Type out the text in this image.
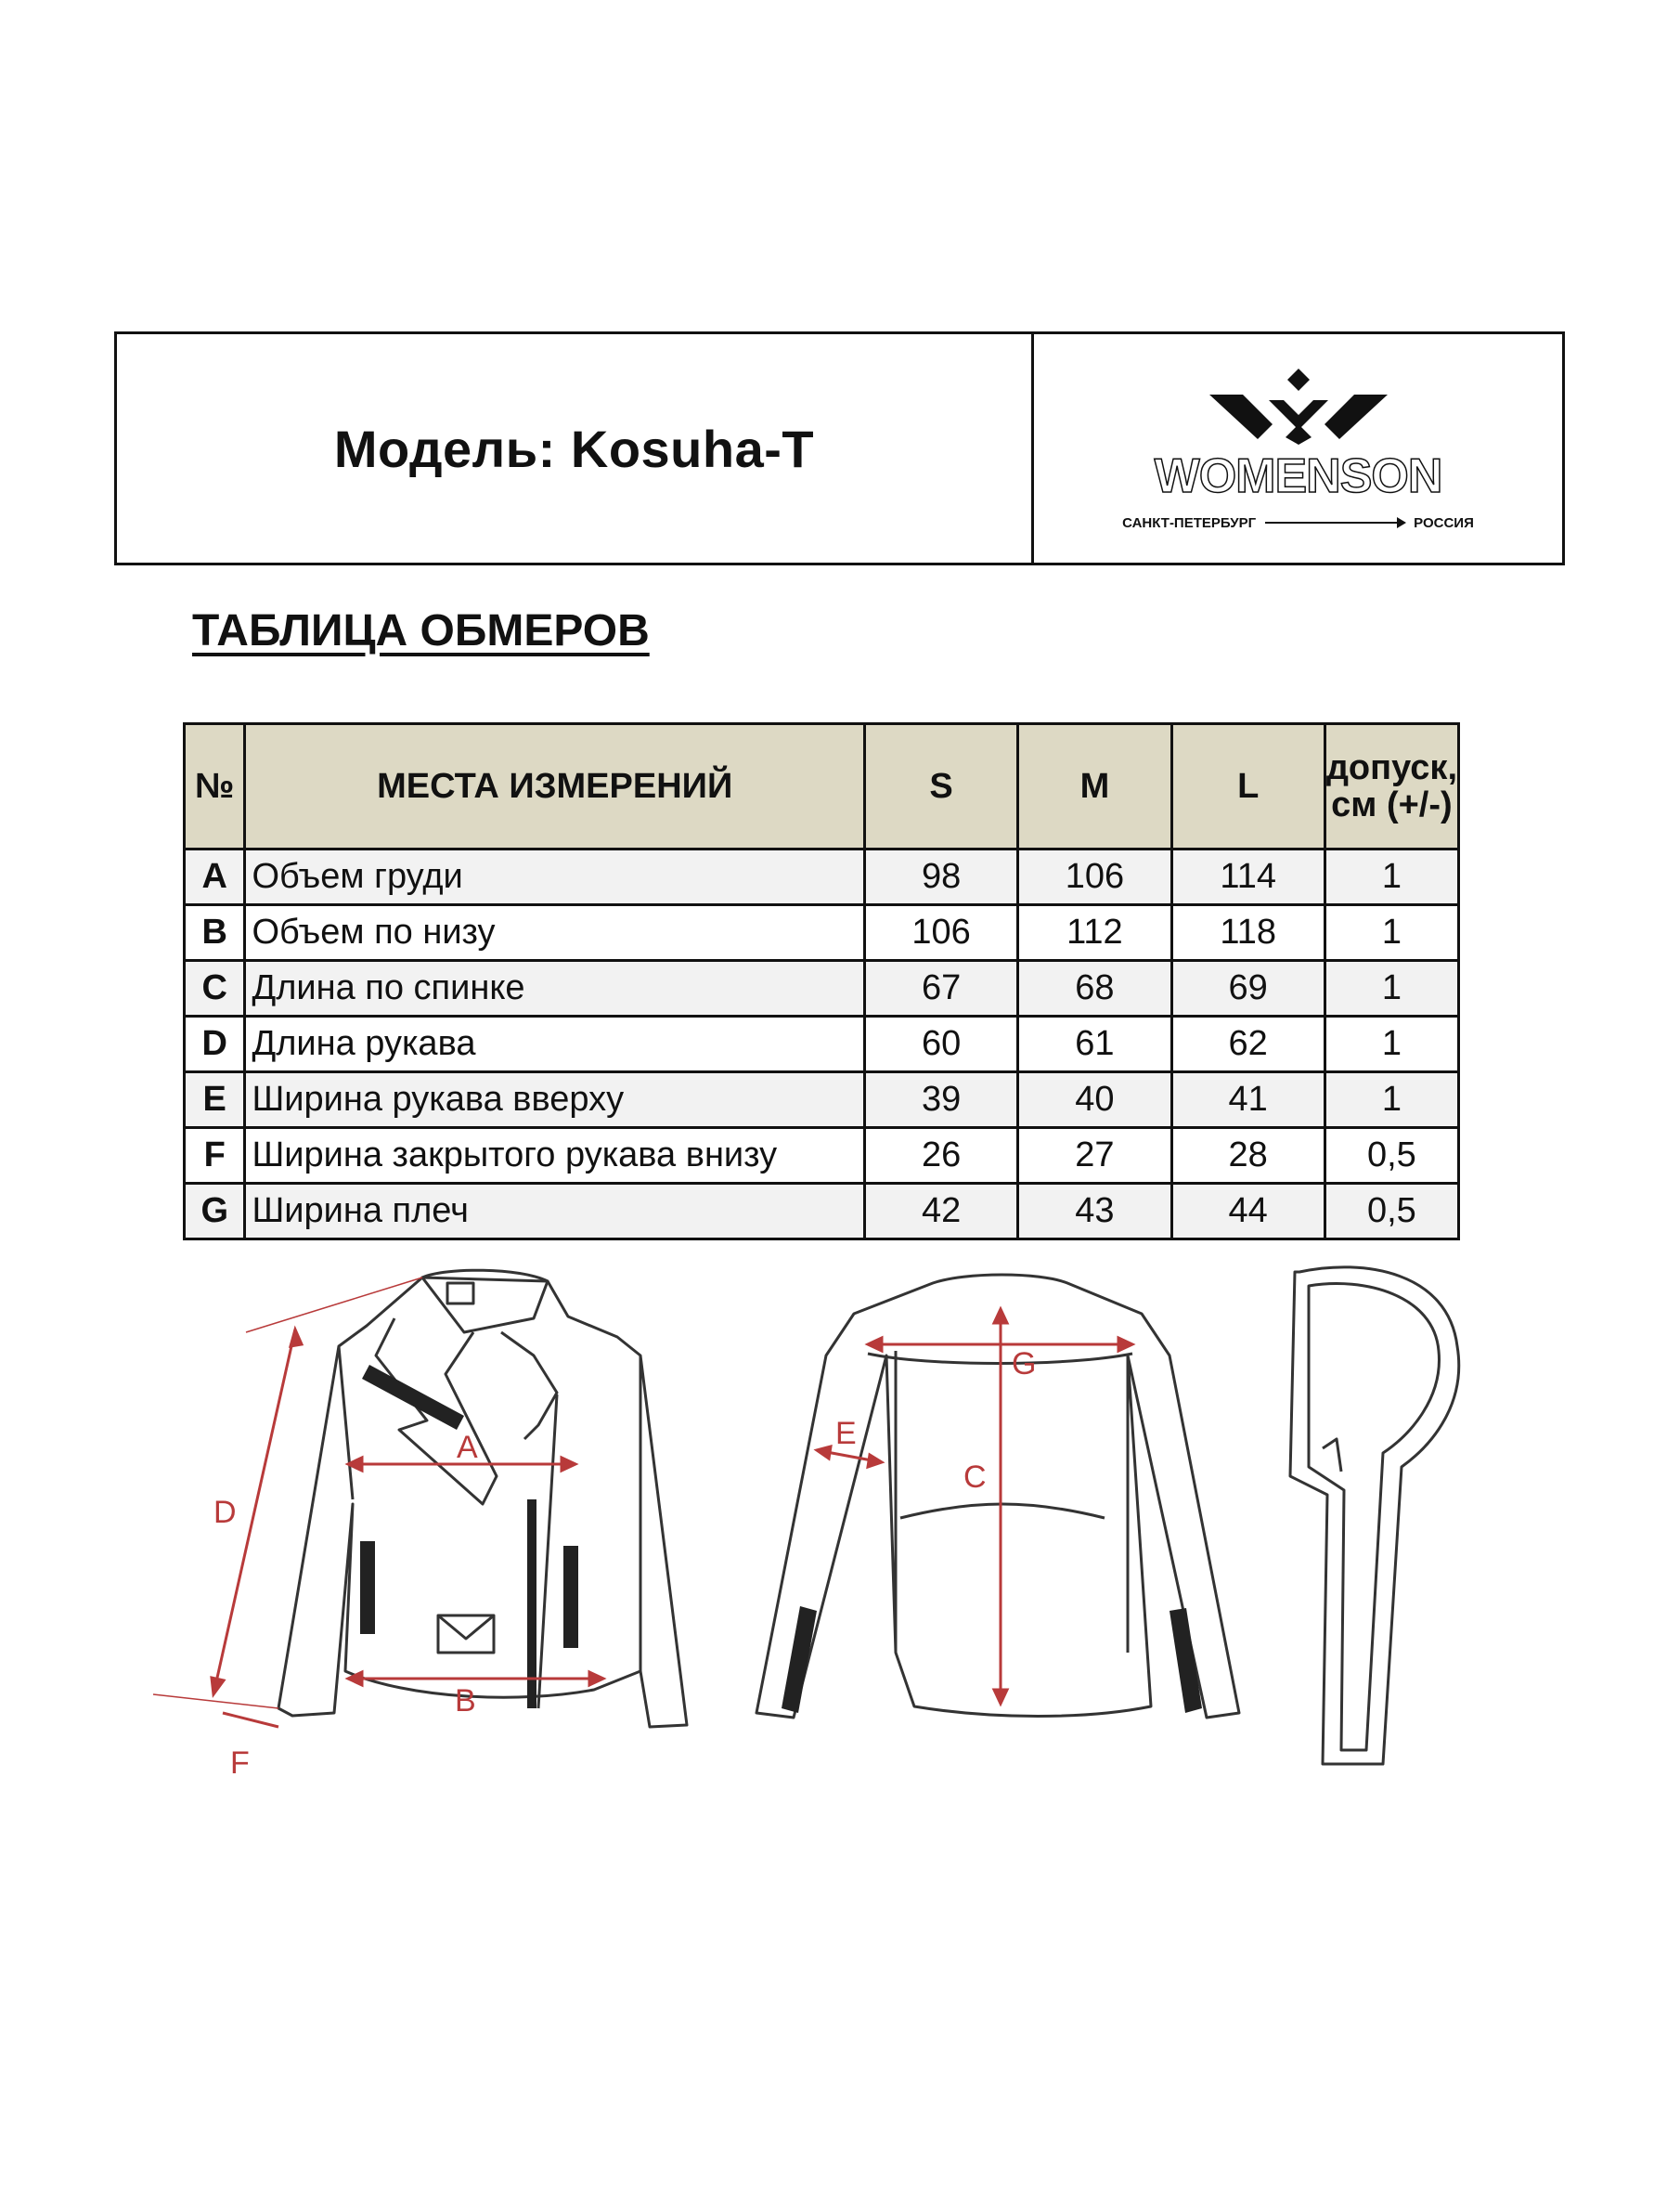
Модель: Kosuha-T	WOMENSON
САНКТ-ПЕТЕРБУРГ	РОССИЯ
ТАБЛИЦА ОБМЕРОВ
№	МЕСТА ИЗМЕРЕНИЙ	S	M	L	допуск,
см (+/-)
A	Объем груди	98	106	114	1
B	Объем по низу	106	112	118	1
C	Длина по спинке	67	68	69	1
D	Длина рукава	60	61	62	1
E	Ширина рукава вверху	39	40	41	1
F	Ширина закрытого рукава внизу	26	27	28	0,5
G	Ширина плеч	42	43	44	0,5
A
B
D
F
G
C
E
